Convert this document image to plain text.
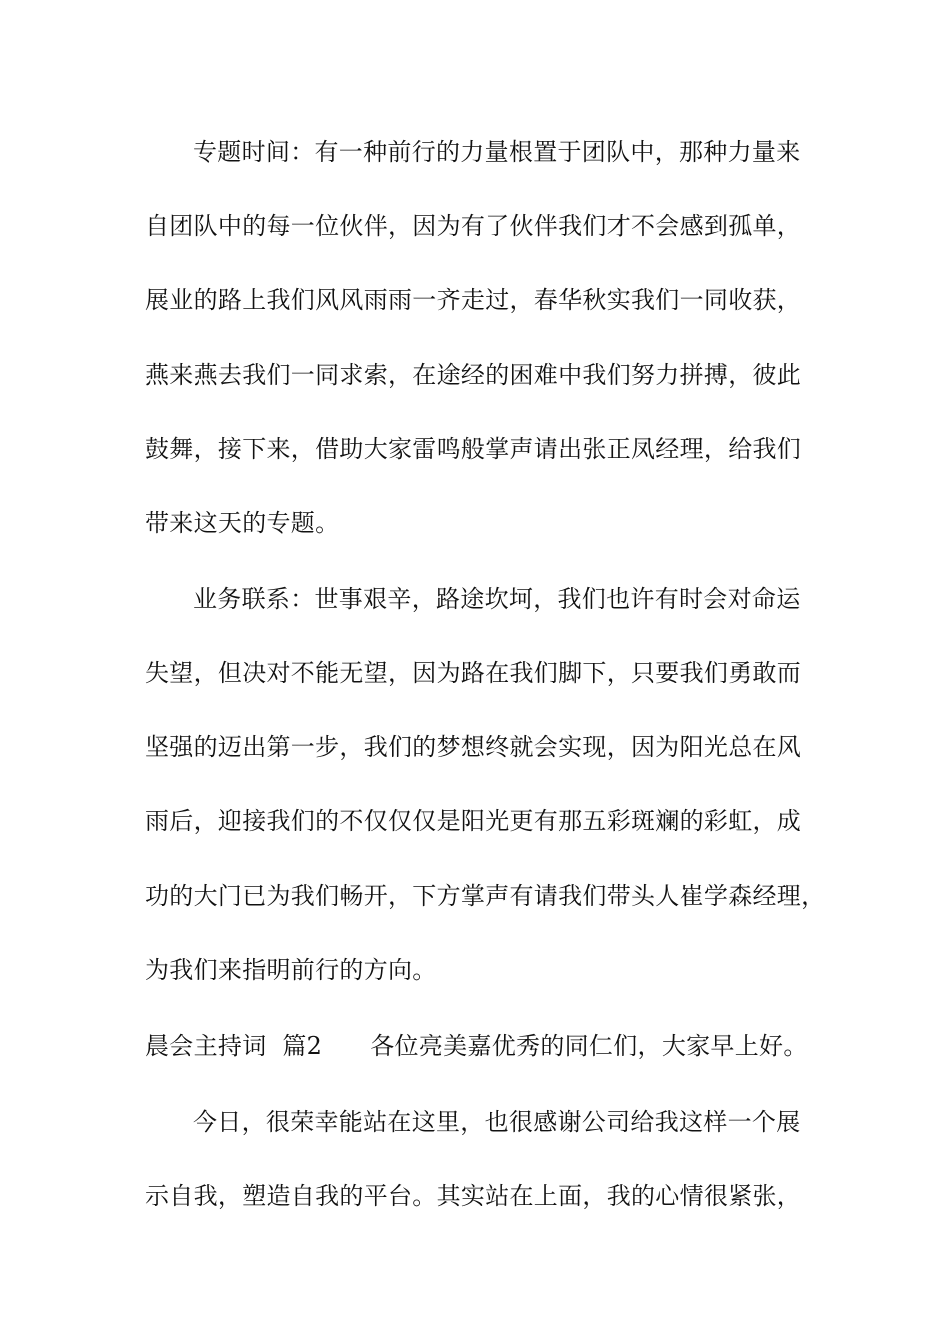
专题时间：有一种前行的力量根置于团队中，那种力量来
自团队中的每一位伙伴，因为有了伙伴我们才不会感到孤单，
展业的路上我们风风雨雨一齐走过，春华秋实我们一同收获，
燕来燕去我们一同求索，在途经的困难中我们努力拼搏，彼此
鼓舞，接下来，借助大家雷鸣般掌声请出张正凤经理，给我们
带来这天的专题。
业务联系：世事艰辛，路途坎坷，我们也许有时会对命运
失望，但决对不能无望，因为路在我们脚下，只要我们勇敢而
坚强的迈出第一步，我们的梦想终就会实现，因为阳光总在风
雨后，迎接我们的不仅仅仅是阳光更有那五彩斑斓的彩虹，成
功的大门已为我们畅开，下方掌声有请我们带头人崔学森经理，
为我们来指明前行的方向。
晨会主持词  篇2 各位亮美嘉优秀的同仁们，大家早上好。
今日，很荣幸能站在这里，也很感谢公司给我这样一个展
示自我，塑造自我的平台。其实站在上面，我的心情很紧张，
